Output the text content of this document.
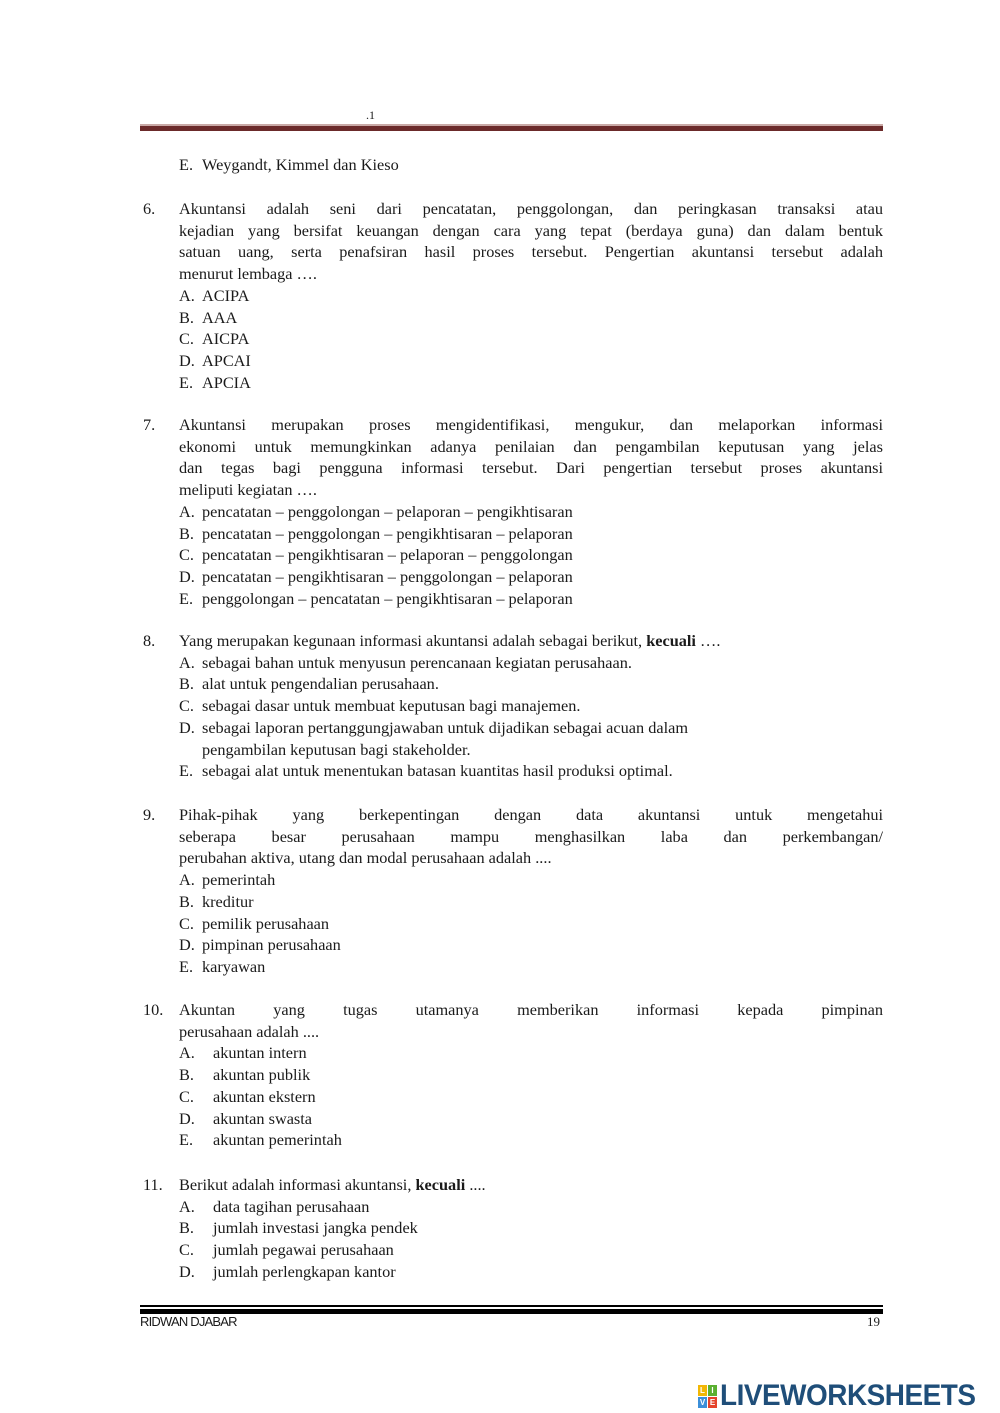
.1
E. Weygandt, Kimmel dan Kieso
6. Akuntansi adalah seni dari pencatatan, penggolongan, dan peringkasan transaksi atau
kejadian yang bersifat keuangan dengan cara yang tepat (berdaya guna) dan dalam bentuk
satuan uang, serta penafsiran hasil proses tersebut. Pengertian akuntansi tersebut adalah
menurut lembaga ….
A. ACIPA
B. AAA
C. AICPA
D. APCAI
E. APCIA
7. Akuntansi merupakan proses mengidentifikasi, mengukur, dan melaporkan informasi
ekonomi untuk memungkinkan adanya penilaian dan pengambilan keputusan yang jelas
dan tegas bagi pengguna informasi tersebut. Dari pengertian tersebut proses akuntansi
meliputi kegiatan ….
A. pencatatan – penggolongan – pelaporan – pengikhtisaran
B. pencatatan – penggolongan – pengikhtisaran – pelaporan
C. pencatatan – pengikhtisaran – pelaporan – penggolongan
D. pencatatan – pengikhtisaran – penggolongan – pelaporan
E. penggolongan – pencatatan – pengikhtisaran – pelaporan
8. Yang merupakan kegunaan informasi akuntansi adalah sebagai berikut, kecuali ….
A. sebagai bahan untuk menyusun perencanaan kegiatan perusahaan.
B. alat untuk pengendalian perusahaan.
C. sebagai dasar untuk membuat keputusan bagi manajemen.
D. sebagai laporan pertanggungjawaban untuk dijadikan sebagai acuan dalam
pengambilan keputusan bagi stakeholder.
E. sebagai alat untuk menentukan batasan kuantitas hasil produksi optimal.
9. Pihak-pihak yang berkepentingan dengan data akuntansi untuk mengetahui
seberapa besar perusahaan mampu menghasilkan laba dan perkembangan/
perubahan aktiva, utang dan modal perusahaan adalah ....
A. pemerintah
B. kreditur
C. pemilik perusahaan
D. pimpinan perusahaan
E. karyawan
10. Akuntan yang tugas utamanya memberikan informasi kepada pimpinan
perusahaan adalah ....
A. akuntan intern
B. akuntan publik
C. akuntan ekstern
D. akuntan swasta
E. akuntan pemerintah
11. Berikut adalah informasi akuntansi, kecuali ....
A. data tagihan perusahaan
B. jumlah investasi jangka pendek
C. jumlah pegawai perusahaan
D. jumlah perlengkapan kantor
RIDWAN DJABAR	19
L I
V E LIVEWORKSHEETS
